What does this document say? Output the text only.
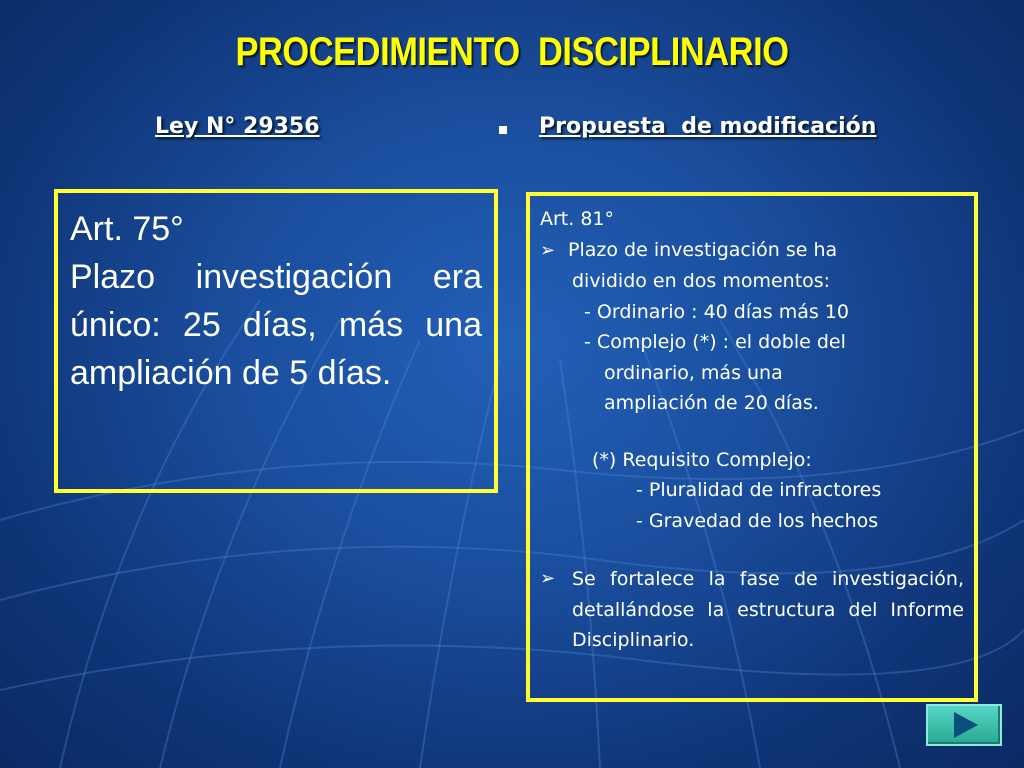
PROCEDIMIENTO  DISCIPLINARIO
Ley N° 29356	Propuesta  de modificación
Art. 75°
Plazo investigación era único: 25 días, más una ampliación de 5 días.
Art. 81°
➢ Plazo de investigación se ha
dividido en dos momentos:
- Ordinario : 40 días más 10
- Complejo (*) : el doble del
ordinario, más una
ampliación de 20 días.
(*) Requisito Complejo:
- Pluralidad de infractores
- Gravedad de los hechos
➢ Se fortalece la fase de investigación, detallándose la estructura del Informe Disciplinario.
